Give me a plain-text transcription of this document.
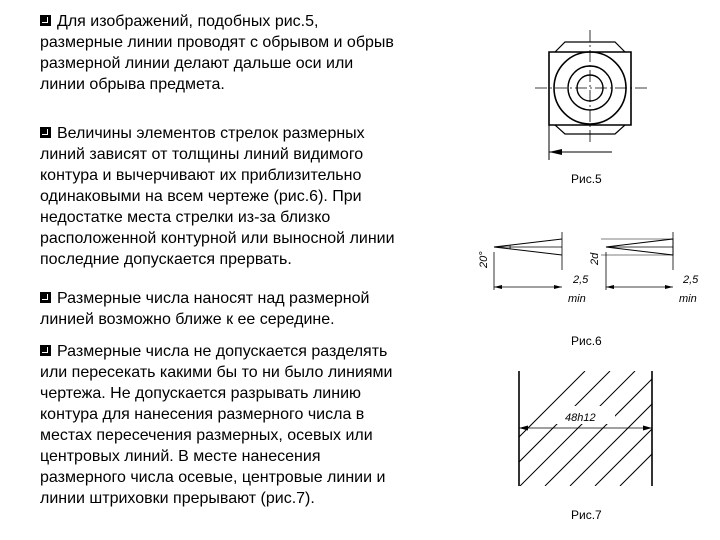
Для изображений, подобных рис.5,
размерные линии проводят с обрывом и обрыв
размерной линии делают дальше оси или
линии обрыва предмета.
Величины элементов стрелок размерных
линий зависят от толщины линий видимого
контура и вычерчивают их приблизительно
одинаковыми на всем чертеже (рис.6). При
недостатке места стрелки из-за близко
расположенной контурной или выносной линии
последние допускается прервать.
Размерные числа наносят над размерной
линией возможно ближе к ее середине.
Размерные числа не допускается разделять
или пересекать какими бы то ни было линиями
чертежа. Не допускается разрывать линию
контура для нанесения размерного числа в
местах пересечения размерных, осевых или
центровых линий. В месте нанесения
размерного числа осевые, центровые линии и
линии штриховки прерывают (рис.7).
Рис.5
20°	2d
2,5
min
2,5
min
Рис.6
48h12
Рис.7
